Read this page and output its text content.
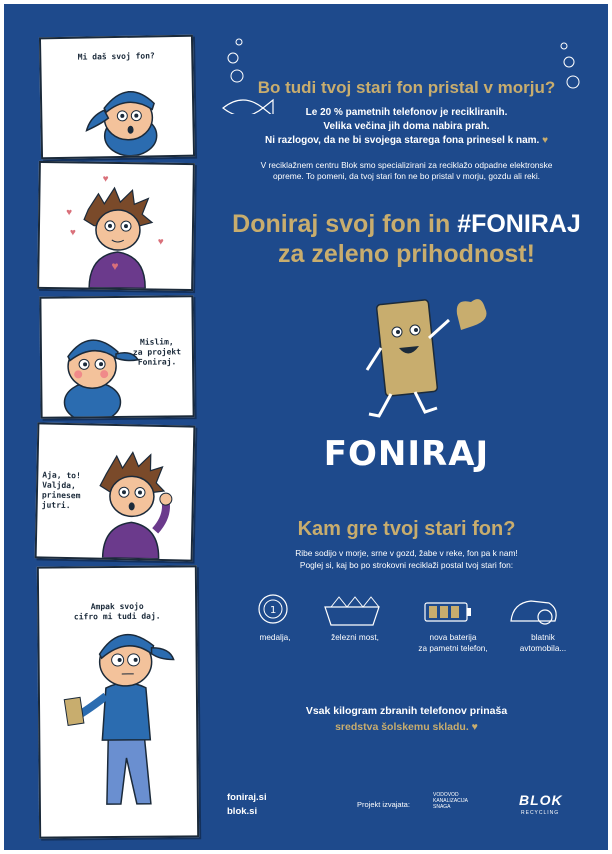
Mi daš svoj fon?
♥
♥
♥
♥
♥
Mislim,
za projekt
Foniraj.
Aja, to!
Valjda,
prinesem
jutri.
Ampak svojo
cifro mi tudi daj.
Bo tudi tvoj stari fon pristal v morju?
Le 20 % pametnih telefonov je recikliranih.
Velika večina jih doma nabira prah.
Ni razlogov, da ne bi svojega starega fona prinesel k nam. ♥
V reciklažnem centru Blok smo specializirani za reciklažo odpadne elektronske
opreme. To pomeni, da tvoj stari fon ne bo pristal v morju, gozdu ali reki.
Doniraj svoj fon in #FONIRAJ
za zeleno prihodnost!
FONIRAJ
Kam gre tvoj stari fon?
Ribe sodijo v morje, srne v gozd, žabe v reke, fon pa k nam!
Poglej si, kaj bo po strokovni reciklaži postal tvoj stari fon:
1
medalja,	železni most,	nova baterija
za pametni telefon,
blatnik
avtomobila...
Vsak kilogram zbranih telefonov prinaša
sredstva šolskemu skladu. ♥
foniraj.si
blok.si
Projekt izvajata:
VODOVOD
KANALIZACIJA
SNAGA	BLOK
RECYCLING
